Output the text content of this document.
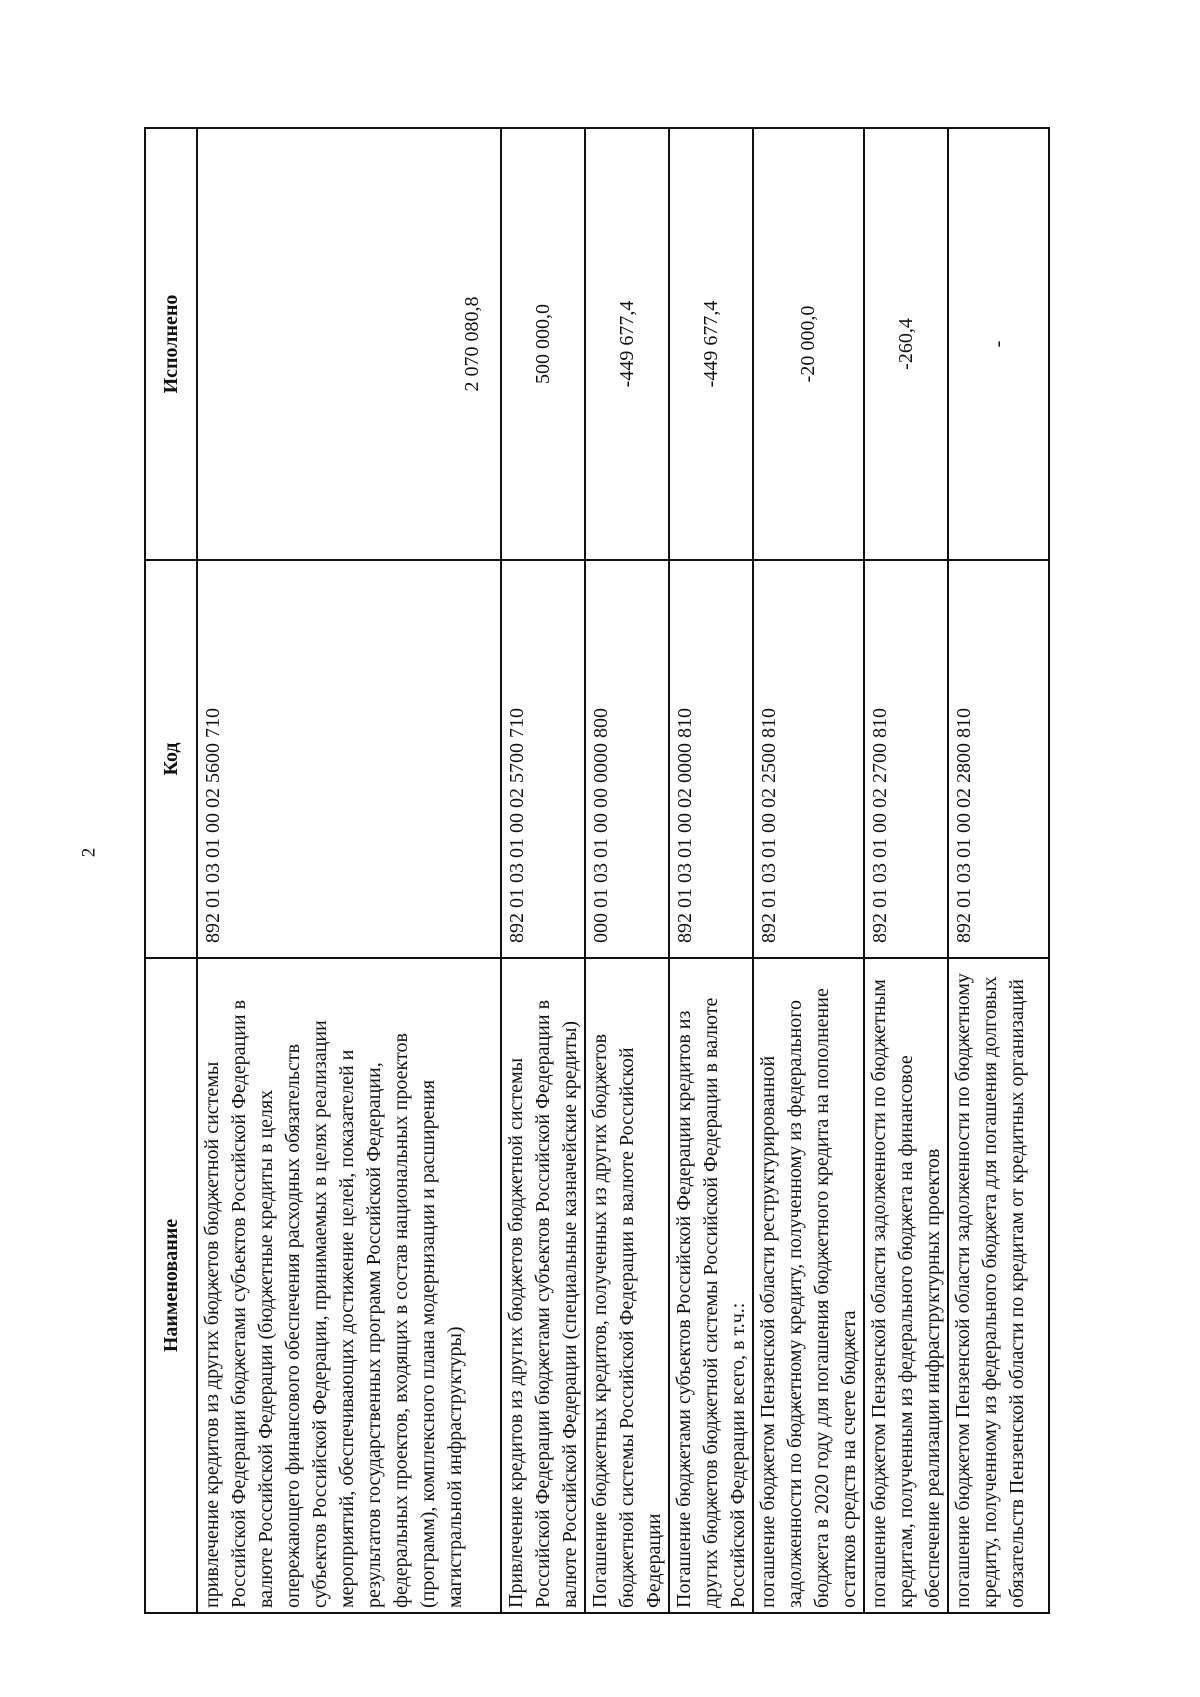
2
Наименование	Код	Исполнено
привлечение кредитов из других бюджетов бюджетной системы Российской Федерации бюджетами субъектов Российской Федерации в валюте Российской Федерации (бюджетные кредиты в целях опережающего финансового обеспечения расходных обязательств субъектов Российской Федерации, принимаемых в целях реализации мероприятий, обеспечивающих достижение целей, показателей и результатов государственных программ Российской Федерации, федеральных проектов, входящих в состав национальных проектов (программ), комплексного плана модернизации и расширения магистральной инфраструктуры)	892 01 03 01 00 02 5600 710	2 070 080,8
Привлечение кредитов из других бюджетов бюджетной системы Российской Федерации бюджетами субъектов Российской Федерации в валюте Российской Федерации (специальные казначейские кредиты)	892 01 03 01 00 02 5700 710	500 000,0
Погашение бюджетных кредитов, полученных из других бюджетов бюджетной системы Российской Федерации в валюте Российской Федерации	000 01 03 01 00 00 0000 800	-449 677,4
Погашение бюджетами субъектов Российской Федерации кредитов из других бюджетов бюджетной системы Российской Федерации в валюте Российской Федерации всего, в т.ч.:	892 01 03 01 00 02 0000 810	-449 677,4
погашение бюджетом Пензенской области реструктурированной задолженности по бюджетному кредиту, полученному из федерального бюджета в 2020 году для погашения бюджетного кредита на пополнение остатков средств на счете бюджета	892 01 03 01 00 02 2500 810	-20 000,0
погашение бюджетом Пензенской области задолженности по бюджетным кредитам, полученным из федерального бюджета на финансовое обеспечение реализации инфраструктурных проектов	892 01 03 01 00 02 2700 810	-260,4
погашение бюджетом Пензенской области задолженности по бюджетному кредиту, полученному из федерального бюджета для погашения долговых обязательств Пензенской области по кредитам от кредитных организаций	892 01 03 01 00 02 2800 810	-
